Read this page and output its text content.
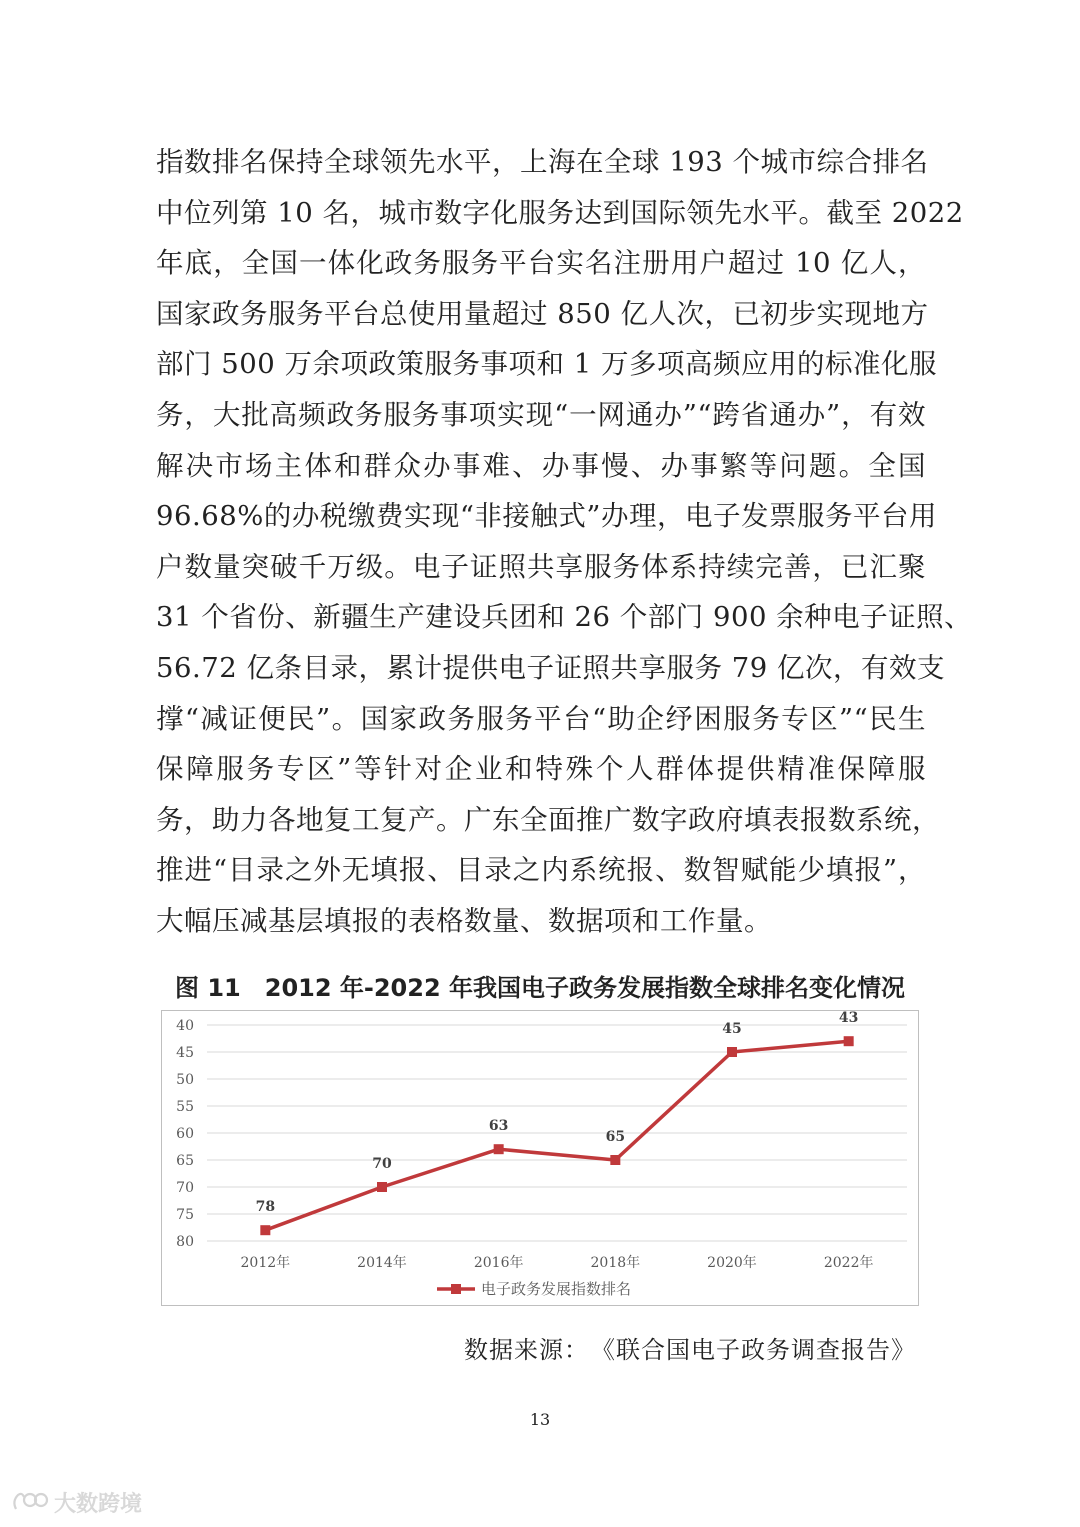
指数排名保持全球领先水平，上海在全球 193 个城市综合排名
中位列第 10 名，城市数字化服务达到国际领先水平。截至 2022
年底，全国一体化政务服务平台实名注册用户超过 10 亿人，
国家政务服务平台总使用量超过 850 亿人次，已初步实现地方
部门 500 万余项政策服务事项和 1 万多项高频应用的标准化服
务，大批高频政务服务事项实现“一网通办”“跨省通办”，有效
解决市场主体和群众办事难、办事慢、办事繁等问题。全国
96.68%的办税缴费实现“非接触式”办理，电子发票服务平台用
户数量突破千万级。电子证照共享服务体系持续完善，已汇聚
31 个省份、新疆生产建设兵团和 26 个部门 900 余种电子证照、
56.72 亿条目录，累计提供电子证照共享服务 79 亿次，有效支
撑“减证便民”。国家政务服务平台“助企纾困服务专区”“民生
保障服务专区”等针对企业和特殊个人群体提供精准保障服
务，助力各地复工复产。广东全面推广数字政府填表报数系统，
推进“目录之外无填报、目录之内系统报、数智赋能少填报”，
大幅压减基层填报的表格数量、数据项和工作量。
图 11 2012 年-2022 年我国电子政务发展指数全球排名变化情况
40
45
50
55
60
65
70
75
80
2012年	2014年	2016年	2018年	2020年	2022年
78
70
63
65
45
43
电子政务发展指数排名
数据来源： 《联合国电子政务调查报告》
13
大数跨境
